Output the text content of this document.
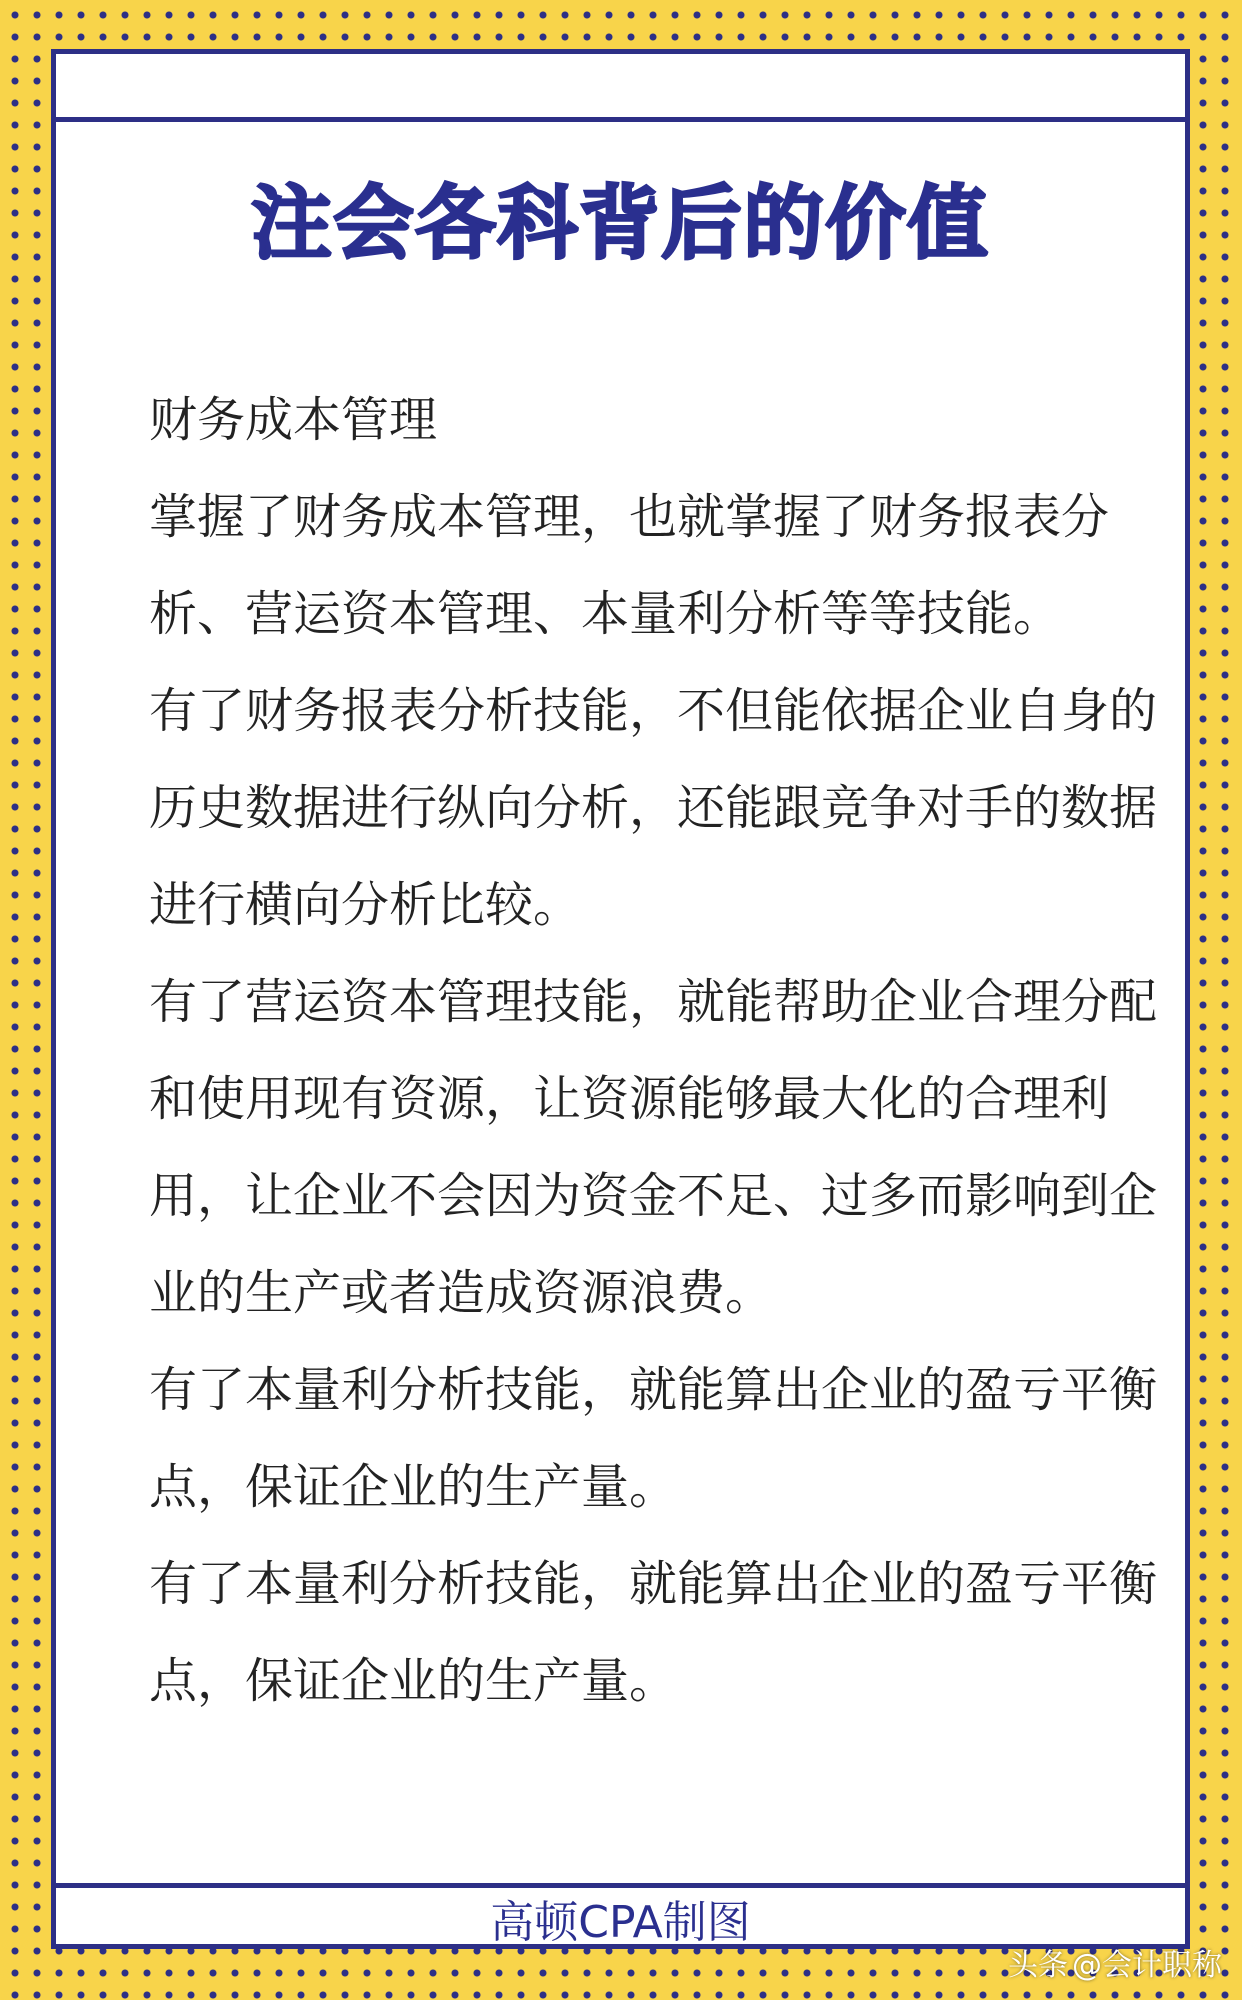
注会各科背后的价值

财务成本管理

掌握了财务成本管理，也就掌握了财务报表分析、营运资本管理、本量利分析等等技能。

有了财务报表分析技能，不但能依据企业自身的历史数据进行纵向分析，还能跟竞争对手的数据进行横向分析比较。

有了营运资本管理技能，就能帮助企业合理分配和使用现有资源，让资源能够最大化的合理利用，让企业不会因为资金不足、过多而影响到企业的生产或者造成资源浪费。

有了本量利分析技能，就能算出企业的盈亏平衡点，保证企业的生产量。

有了本量利分析技能，就能算出企业的盈亏平衡点，保证企业的生产量。

高顿CPA制图
头条 @会计职称
